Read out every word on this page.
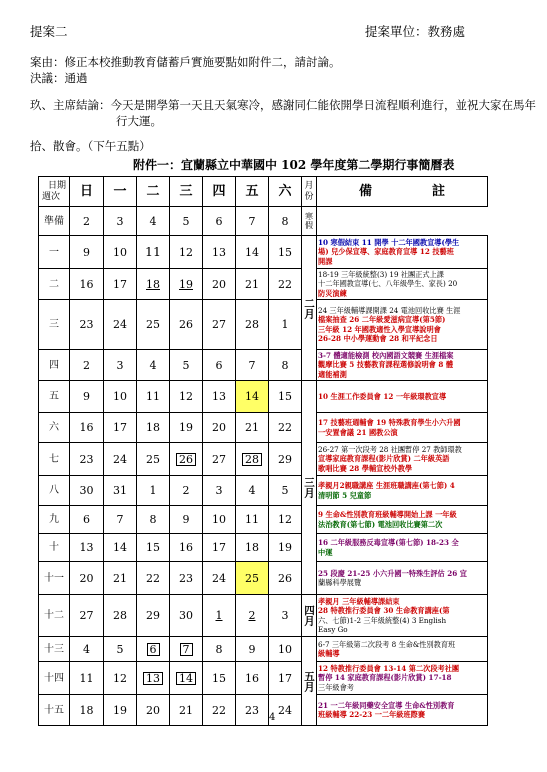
提案二	提案單位：教務處
案由：修正本校推動教育儲蓄戶實施要點如附件二，請討論。
決議：通過
玖、主席結論：今天是開學第一天且天氣寒冷，感謝同仁能依開學日流程順利進行，並祝大家在馬年
行大運。
拾、散會。（下午五點）
附件一：宜蘭縣立中華國中 102 學年度第二學期行事簡曆表
日期
週次	日	一	二	三	四	五	六	月份	備 註
準備	2	3	4	5	6	7	8	寒假	

一	9	10	11	12	13	14	15	二月	10 寒假結束 11 開學 十二年國教宣導(學生
場) 兒少保宣導、家庭教育宣導 12 技藝班
開課

二	16	17	18	19	20	21	22		18-19 三年級統整(3) 19 社團正式上課
十二年國教宣導(七、八年級學生、家長) 20
防災演練

三	23	24	25	26	27	28	1		24 三年級輔導課開課 24 電池回收比賽 生涯
檔案抽查 26 二年級愛滋病宣導(第5節)
三年級 12 年國教適性入學宣導說明會
26-28 中小學運動會 28 和平紀念日

四	2	3	4	5	6	7	8		3-7 體適能檢測 校內國語文競賽 生涯檔案
觀摩比賽 5 技藝教育課程選修說明會 8 體
適能補測

五	9	10	11	12	13	14	15	三月	10 生涯工作委員會 12 一年級環教宣導

六	16	17	18	19	20	21	22		17 技藝班週輔會 19 特殊教育學生小六升國
一安置會議 21 國教公演

七	23	24	25	26	27	28	29		26-27 第一次段考 28 社團暫停 27 教師環教
宣導家庭教育課程(影片欣賞) 二年級英語
歌唱比賽 28 學輔宣校外教學

八	30	31	1	2	3	4	5		孝親月2親職講座 生涯班職講座(第七節) 4
清明節 5 兒童節

九	6	7	8	9	10	11	12		9 生命&性別教育班級輔導開始上課 一年級
法治教育(第七節) 電池回收比賽第二次

十	13	14	15	16	17	18	19		16 二年級服務反毒宣導(第七節) 18-23 全
中運

十一	20	21	22	23	24	25	26		25 段慶 21-25 小六升國一特殊生評估 26 宜
蘭縣科學展覽

十二	27	28	29	30	1	2	3	四月	孝親月 三年級輔導課結束
28 特教推行委員會 30 生命教育講座(第
六、七節)1-2 三年級統整(4) 3 English
Easy Go

十三	4	5	6	7	8	9	10	五月	6-7 三年級第二次段考 8 生命&性別教育班
級輔導

十四	11	12	13	14	15	16	17		12 特教推行委員會 13-14 第二次段考社團
暫停 14 家庭教育課程(影片欣賞) 17-18
三年級會考

十五	18	19	20	21	22	23	24		21 一二年級同藥安全宣導 生命&性別教育
班級輔導 22-23 一二年級班際賽
4
